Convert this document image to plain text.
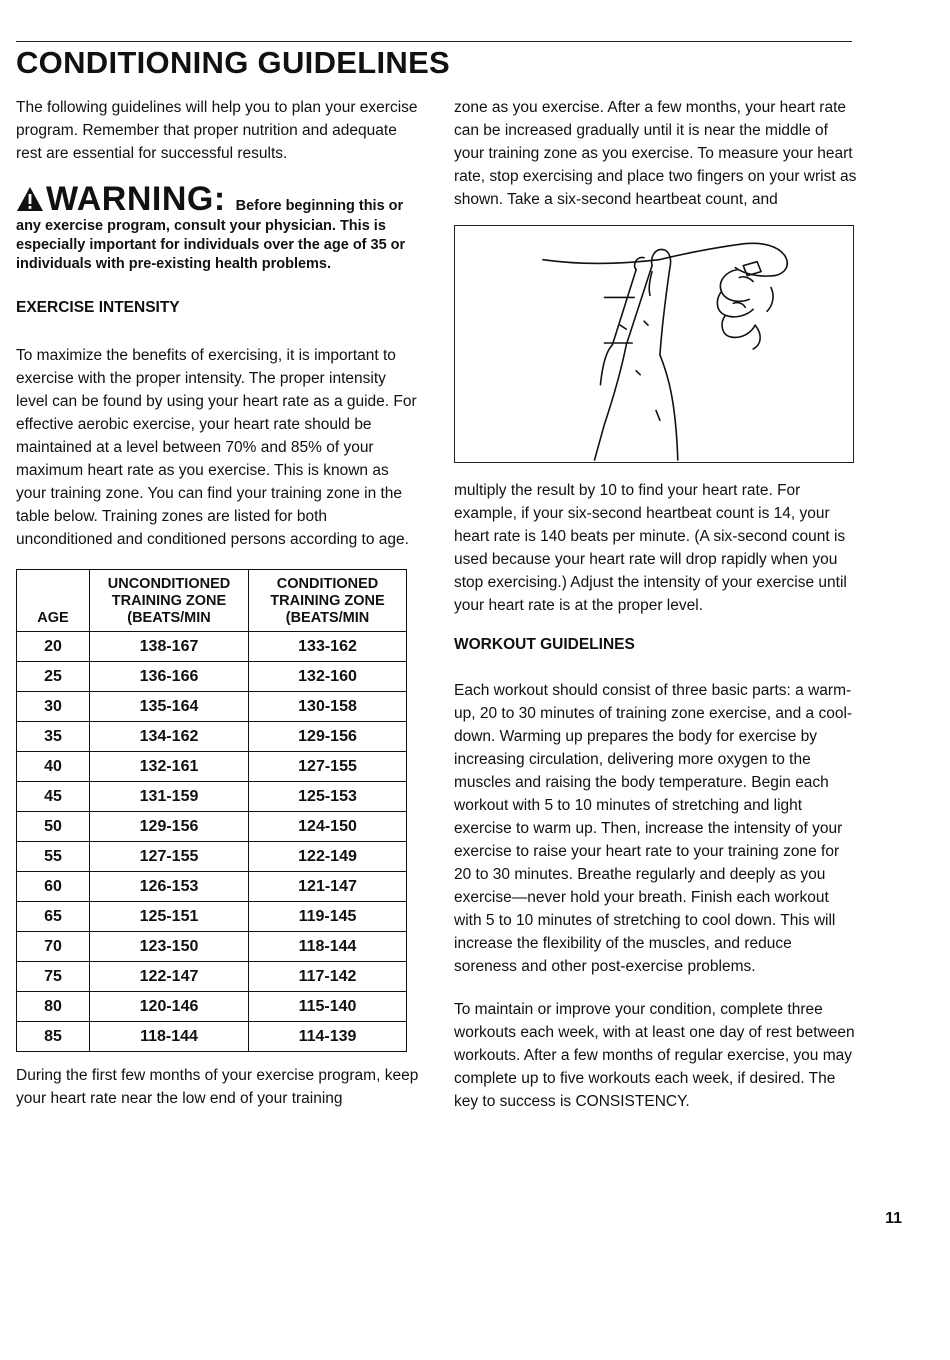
CONDITIONING GUIDELINES

The following guidelines will help you to plan your exercise program. Remember that proper nutrition and adequate rest are essential for successful results.

WARNING: Before beginning this or any exercise program, consult your physician. This is especially important for individuals over the age of 35 or individuals with pre-existing health problems.
EXERCISE INTENSITY

To maximize the benefits of exercising, it is important to exercise with the proper intensity. The proper intensity level can be found by using your heart rate as a guide. For effective aerobic exercise, your heart rate should be maintained at a level between 70% and 85% of your maximum heart rate as you exercise. This is known as your training zone. You can find your training zone in the table below. Training zones are listed for both unconditioned and conditioned persons according to age.

AGE	UNCONDITIONED TRAINING ZONE (BEATS/MIN	CONDITIONED TRAINING ZONE (BEATS/MIN
20	138-167	133-162
25	136-166	132-160
30	135-164	130-158
35	134-162	129-156
40	132-161	127-155
45	131-159	125-153
50	129-156	124-150
55	127-155	122-149
60	126-153	121-147
65	125-151	119-145
70	123-150	118-144
75	122-147	117-142
80	120-146	115-140
85	118-144	114-139

During the first few months of your exercise program, keep your heart rate near the low end of your training

zone as you exercise. After a few months, your heart rate can be increased gradually until it is near the middle of your training zone as you exercise. To measure your heart rate, stop exercising and place two fingers on your wrist as shown. Take a six-second heartbeat count, and

multiply the result by 10 to find your heart rate. For example, if your six-second heartbeat count is 14, your heart rate is 140 beats per minute. (A six-second count is used because your heart rate will drop rapidly when you stop exercising.) Adjust the intensity of your exercise until your heart rate is at the proper level.

WORKOUT GUIDELINES

Each workout should consist of three basic parts: a warm-up, 20 to 30 minutes of training zone exercise, and a cool-down. Warming up prepares the body for exercise by increasing circulation, delivering more oxygen to the muscles and raising the body temperature. Begin each workout with 5 to 10 minutes of stretching and light exercise to warm up. Then, increase the intensity of your exercise to raise your heart rate to your training zone for 20 to 30 minutes. Breathe regularly and deeply as you exercise—never hold your breath. Finish each workout with 5 to 10 minutes of stretching to cool down. This will increase the flexibility of the muscles, and reduce soreness and other post-exercise problems.

To maintain or improve your condition, complete three workouts each week, with at least one day of rest between workouts. After a few months of regular exercise, you may complete up to five workouts each week, if desired. The key to success is CONSISTENCY.

11
